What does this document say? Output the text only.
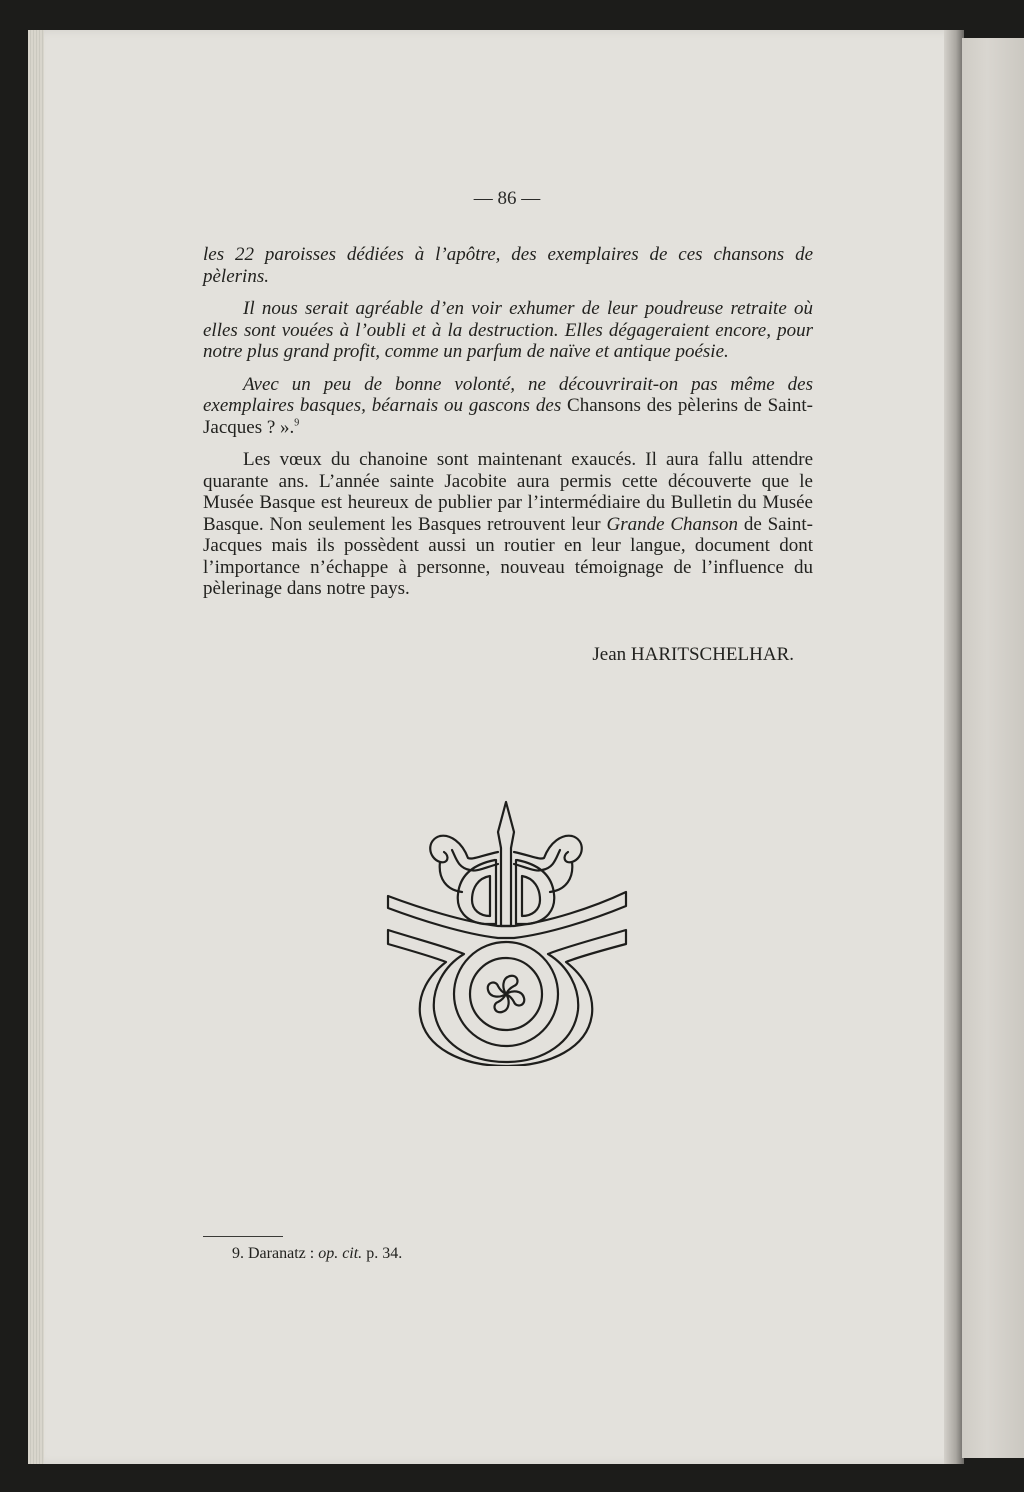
— 86 —

les 22 paroisses dédiées à l’apôtre, des exemplaires de ces chansons de pèlerins.

Il nous serait agréable d’en voir exhumer de leur poudreuse retraite où elles sont vouées à l’oubli et à la destruction. Elles dégageraient encore, pour notre plus grand profit, comme un parfum de naïve et antique poésie.

Avec un peu de bonne volonté, ne découvrirait-on pas même des exemplaires basques, béarnais ou gascons des Chansons des pèlerins de Saint-Jacques ? ».$^9$

Les vœux du chanoine sont maintenant exaucés. Il aura fallu attendre quarante ans. L’année sainte Jacobite aura permis cette découverte que le Musée Basque est heureux de publier par l’intermédiaire du Bulletin du Musée Basque. Non seulement les Basques retrouvent leur Grande Chanson de Saint-Jacques mais ils possèdent aussi un routier en leur langue, document dont l’importance n’échappe à personne, nouveau témoignage de l’influence du pèlerinage dans notre pays.

Jean HARITSCHELHAR.
9. Daranatz : op. cit. p. 34.
